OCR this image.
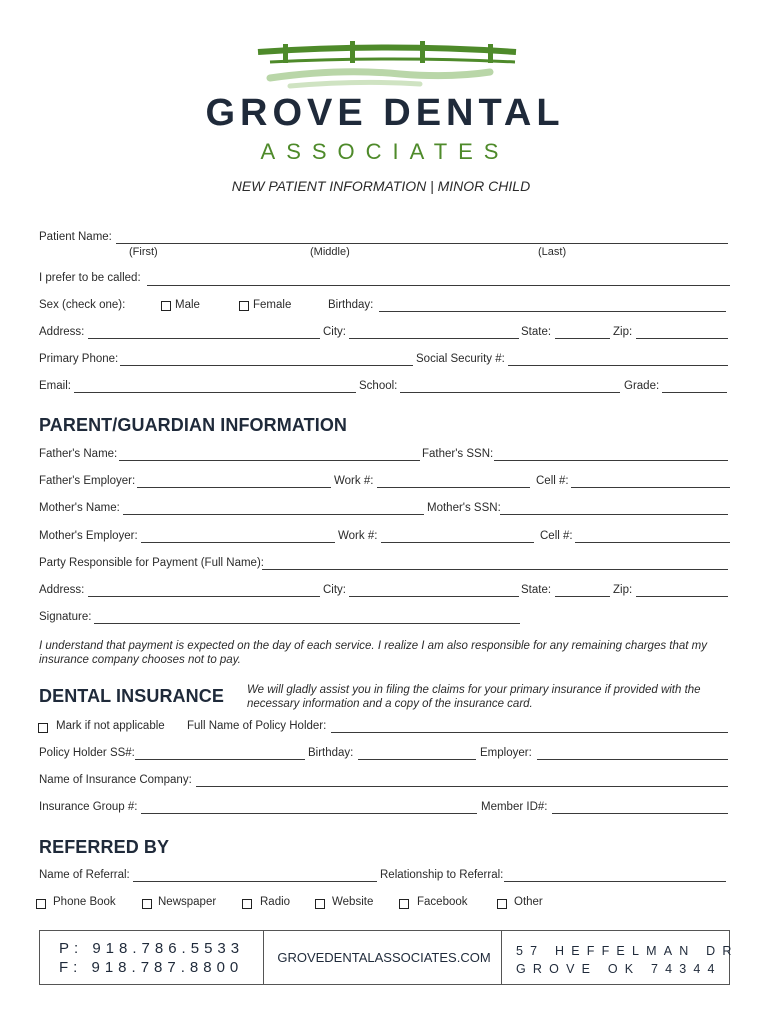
GROVE DENTAL
ASSOCIATES
NEW PATIENT INFORMATION | MINOR CHILD
Patient Name:
(First)	(Middle)	(Last)
I prefer to be called:
Sex (check one):	Male	Female	Birthday:
Address:	City:	State:	Zip:
Primary Phone:	Social Security #:
Email:	School:	Grade:
PARENT/GUARDIAN INFORMATION
Father's Name:	Father's SSN:
Father's Employer:	Work #:	Cell #:
Mother's Name:	Mother's SSN:
Mother's Employer:	Work #:	Cell #:
Party Responsible for Payment (Full Name):
Address:	City:	State:	Zip:
Signature:
I understand that payment is expected on the day of each service. I realize I am also responsible for any remaining charges that my
insurance company chooses not to pay.
DENTAL INSURANCE We will gladly assist you in filing the claims for your primary insurance if provided with the
necessary information and a copy of the insurance card.
Mark if not applicable Full Name of Policy Holder:
Policy Holder SS#:	Birthday:	Employer:
Name of Insurance Company:
Insurance Group #:	Member ID#:
REFERRED BY
Name of Referral:	Relationship to Referral:
Phone Book	Newspaper	Radio	Website	Facebook	Other
P: 918.786.5533
F: 918.787.8800
GROVEDENTALASSOCIATES.COM	57 HEFFELMAN DR
GROVE OK 74344
